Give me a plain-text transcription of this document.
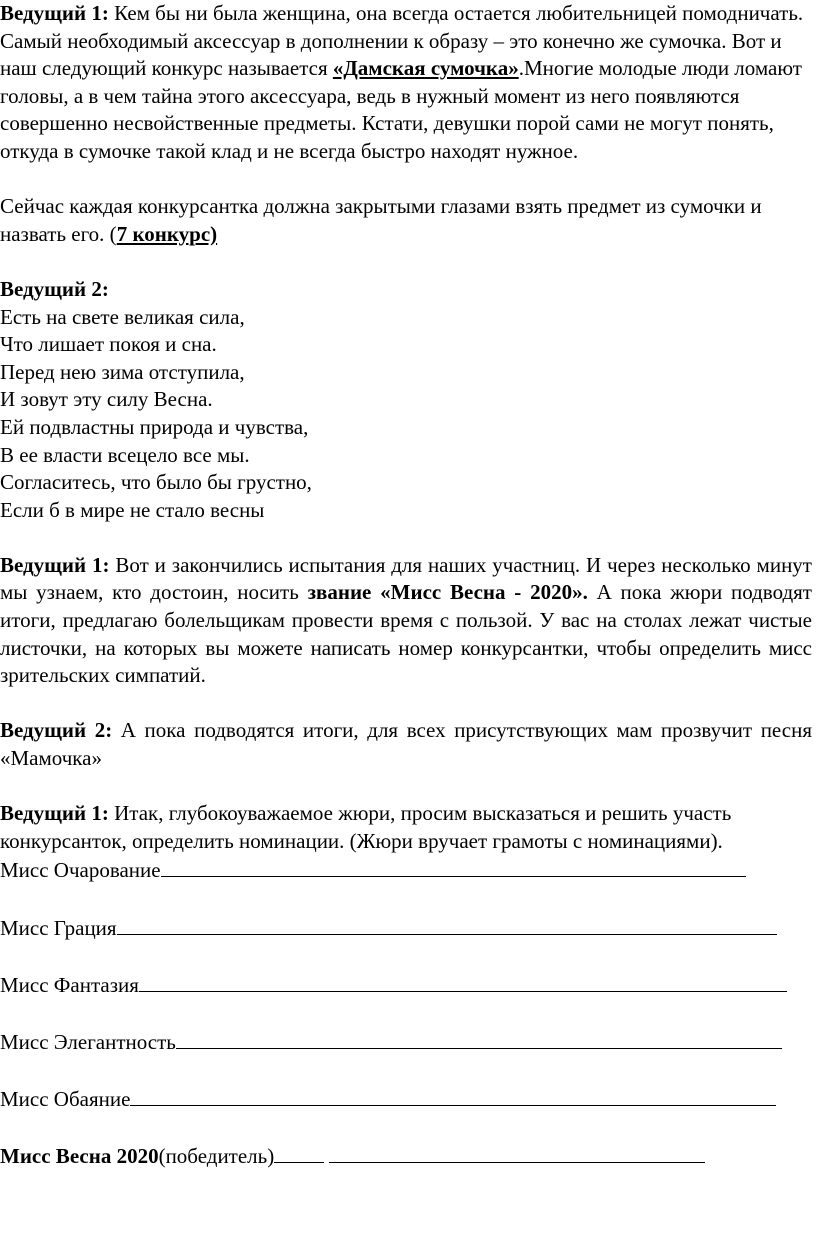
Ведущий 1: Кем бы ни была женщина, она всегда остается любительницей помодничать. Самый необходимый аксессуар в дополнении к образу – это конечно же сумочка. Вот и наш следующий конкурс называется «Дамская сумочка».Многие молодые люди ломают головы, а в чем тайна этого аксессуара, ведь в нужный момент из него появляются совершенно несвойственные предметы. Кстати, девушки порой сами не могут понять, откуда в сумочке такой клад и не всегда быстро находят нужное.

Сейчас каждая конкурсантка должна закрытыми глазами взять предмет из сумочки и назвать его. (7 конкурс)

Ведущий 2:

Есть на свете великая сила,

Что лишает покоя и сна.

Перед нею зима отступила,

И зовут эту силу Весна.

Ей подвластны природа и чувства,

В ее власти всецело все мы.

Согласитесь, что было бы грустно,

Если б в мире не стало весны

Ведущий 1: Вот и закончились испытания для наших участниц. И через несколько минут мы узнаем, кто достоин, носить звание «Мисс Весна - 2020». А пока жюри подводят итоги, предлагаю болельщикам провести время с пользой. У вас на столах лежат чистые листочки, на которых вы можете написать номер конкурсантки, чтобы определить мисс зрительских симпатий.

Ведущий 2: А пока подводятся итоги, для всех присутствующих мам прозвучит песня «Мамочка»

Ведущий 1: Итак, глубокоуважаемое жюри, просим высказаться и решить участь конкурсанток, определить номинации. (Жюри вручает грамоты с номинациями).

Мисс Очарование

Мисс Грация

Мисс Фантазия

Мисс Элегантность

Мисс Обаяние

Мисс Весна 2020(победитель)
